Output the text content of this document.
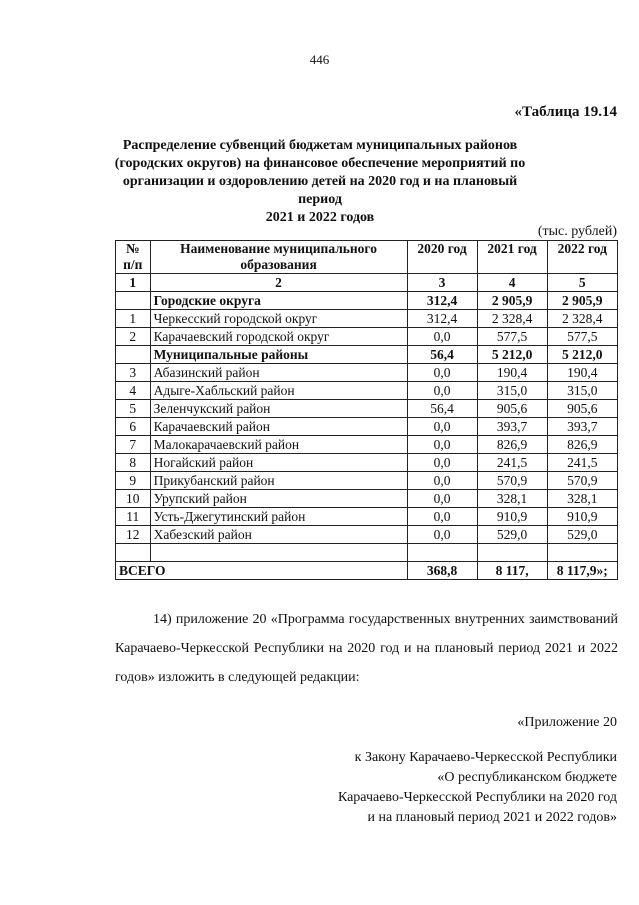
446
«Таблица 19.14
Распределение субвенций бюджетам муниципальных районов
(городских округов) на финансовое обеспечение мероприятий по
организации и оздоровлению детей на 2020 год и на плановый период
2021 и 2022 годов
(тыс. рублей)
№ п/п	Наименование муниципального образования	2020 год	2021 год	2022 год
1	2	3	4	5
	Городские округа	312,4	2 905,9	2 905,9
1	Черкесский городской округ	312,4	2 328,4	2 328,4
2	Карачаевский городской округ	0,0	577,5	577,5
	Муниципальные районы	56,4	5 212,0	5 212,0
3	Абазинский район	0,0	190,4	190,4
4	Адыге-Хабльский район	0,0	315,0	315,0
5	Зеленчукский район	56,4	905,6	905,6
6	Карачаевский район	0,0	393,7	393,7
7	Малокарачаевский район	0,0	826,9	826,9
8	Ногайский район	0,0	241,5	241,5
9	Прикубанский район	0,0	570,9	570,9
10	Урупский район	0,0	328,1	328,1
11	Усть-Джегутинский район	0,0	910,9	910,9
12	Хабезский район	0,0	529,0	529,0

ВСЕГО		368,8	8 117,	8 117,9»;
14) приложение 20 «Программа государственных внутренних заимствований Карачаево-Черкесской Республики на 2020 год и на плановый период 2021 и 2022 годов» изложить в следующей редакции:
«Приложение 20
к Закону Карачаево-Черкесской Республики
«О республиканском бюджете
Карачаево-Черкесской Республики на 2020 год
и на плановый период 2021 и 2022 годов»
